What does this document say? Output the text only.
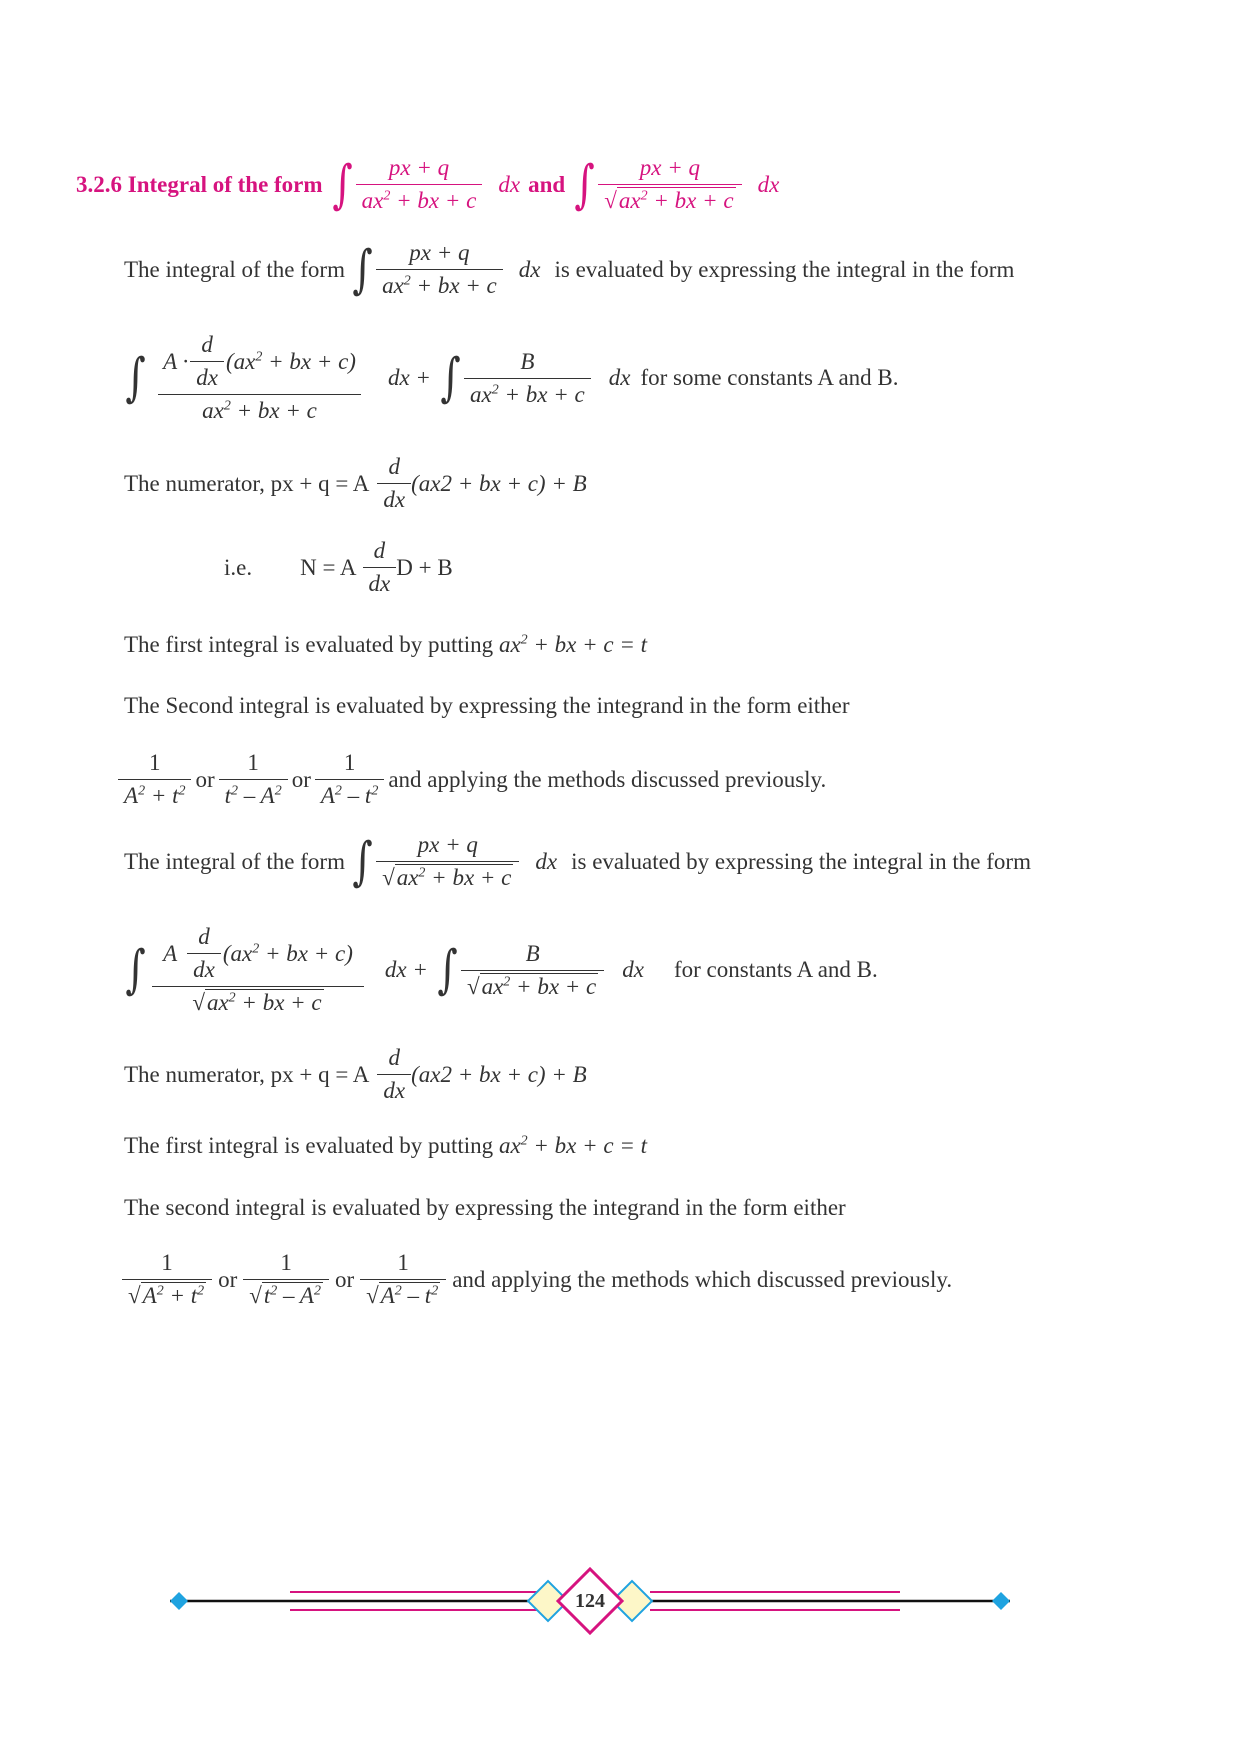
3.2.6 Integral of the form ∫ $\frac{px + q}{ax^2 + bx + c}$ dx and ∫ $\frac{px + q}{√ax^2 + bx + c}$ dx
The integral of the form ∫ $\frac{px + q}{ax^2 + bx + c}$ dx is evaluated by expressing the integral in the form
∫ $\frac{A \cdot \frac{d}{dx} (ax^2 + bx + c)}{ax^2 + bx + c}$ dx + ∫ $\frac{B}{ax^2 + bx + c}$ dx for some constants A and B.
The numerator, px + q = A $\frac{d}{dx} (ax2$ + bx + c) + B
i.e. N = A $\frac{d}{dx}$ D + B
The first integral is evaluated by putting $ax^2$ + bx + c = t
The Second integral is evaluated by expressing the integrand in the form either
$\frac{1}{A^2 + t^2}$ or $\frac{1}{t^2 - A^2}$ or $\frac{1}{A^2 - t^2}$ and applying the methods discussed previously.
The integral of the form ∫ $\frac{px + q}{√ax^2 + bx + c}$ dx is evaluated by expressing the integral in the form
∫ $\frac{A \frac{d}{dx} (ax^2 + bx + c)}{√ax^2 + bx + c}$ dx + ∫ $\frac{B}{√ax^2 + bx + c}$ dx for constants A and B.
The numerator, px + q = A $\frac{d}{dx} (ax2$ + bx + c) + B
The first integral is evaluated by putting $ax^2$ + bx + c = t
The second integral is evaluated by expressing the integrand in the form either
$\frac{1}{√A^2 + t^2}$ or $\frac{1}{√t^2 - A^2}$ or $\frac{1}{√A^2 - t^2}$ and applying the methods which discussed previously.
124
